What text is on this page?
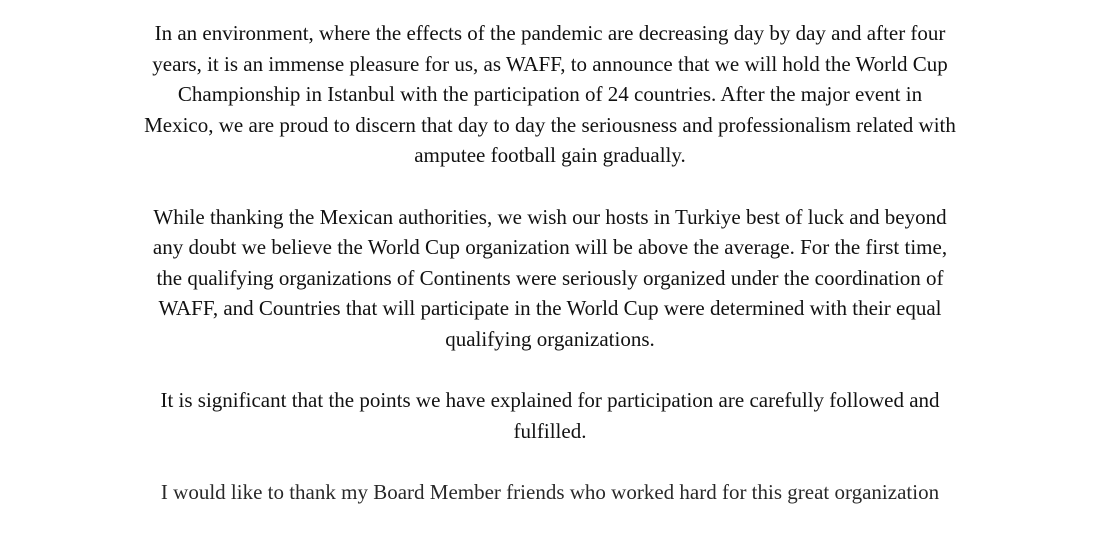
In an environment, where the effects of the pandemic are decreasing day by day and after four
years, it is an immense pleasure for us, as WAFF, to announce that we will hold the World Cup
Championship in Istanbul with the participation of 24 countries. After the major event in
Mexico, we are proud to discern that day to day the seriousness and professionalism related with
amputee football gain gradually.

While thanking the Mexican authorities, we wish our hosts in Turkiye best of luck and beyond
any doubt we believe the World Cup organization will be above the average. For the first time,
the qualifying organizations of Continents were seriously organized under the coordination of
WAFF, and Countries that will participate in the World Cup were determined with their equal
qualifying organizations.

It is significant that the points we have explained for participation are carefully followed and
fulfilled.

I would like to thank my Board Member friends who worked hard for this great organization
